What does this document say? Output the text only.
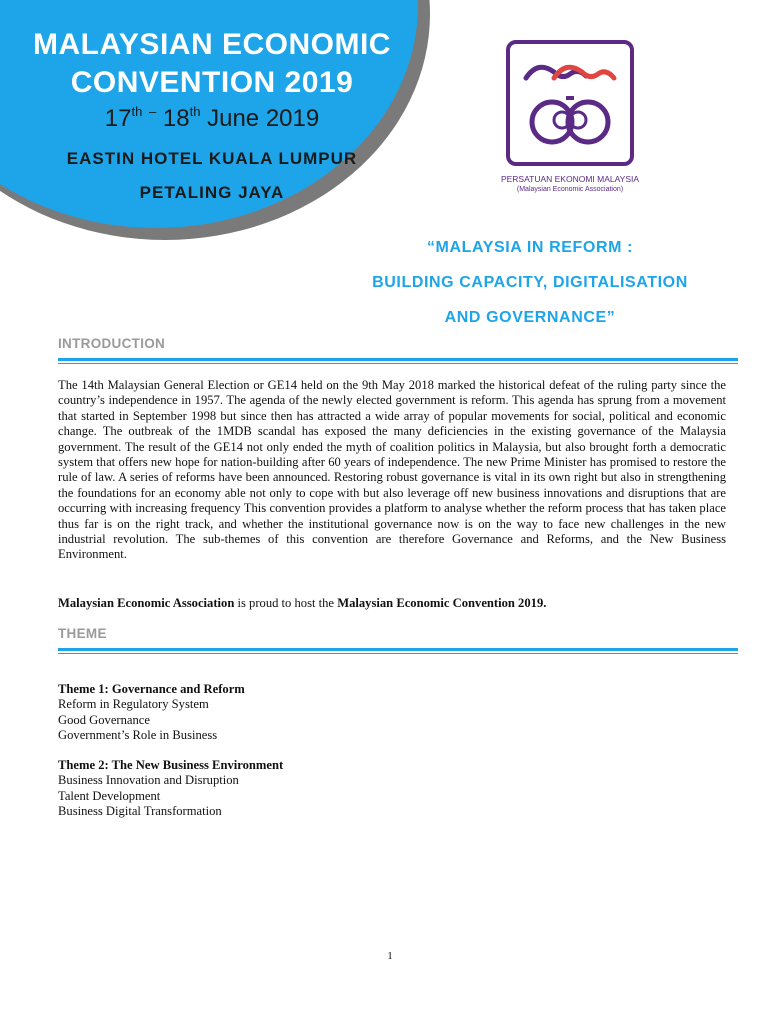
MALAYSIAN ECONOMIC
CONVENTION 2019
17th – 18th June 2019
EASTIN HOTEL KUALA LUMPUR
PETALING JAYA
PERSATUAN EKONOMI MALAYSIA
(Malaysian Economic Association)
“MALAYSIA IN REFORM :
BUILDING CAPACITY, DIGITALISATION
AND GOVERNANCE”
INTRODUCTION
The 14th Malaysian General Election or GE14 held on the 9th May 2018 marked the historical defeat of the ruling party since the country’s independence in 1957. The agenda of the newly elected government is reform. This agenda has sprung from a movement that started in September 1998 but since then has attracted a wide array of popular movements for social, political and economic change. The outbreak of the 1MDB scandal has exposed the many deficiencies in the existing governance of the Malaysia government. The result of the GE14 not only ended the myth of coalition politics in Malaysia, but also brought forth a democratic system that offers new hope for nation-building after 60 years of independence. The new Prime Minister has promised to restore the rule of law. A series of reforms have been announced. Restoring robust governance is vital in its own right but also in strengthening the foundations for an economy able not only to cope with but also leverage off new business innovations and disruptions that are occurring with increasing frequency This convention provides a platform to analyse whether the reform process that has taken place thus far is on the right track, and whether the institutional governance now is on the way to face new challenges in the new industrial revolution. The sub-themes of this convention are therefore Governance and Reforms, and the New Business Environment.
Malaysian Economic Association is proud to host the Malaysian Economic Convention 2019.
THEME
Theme 1: Governance and Reform
Reform in Regulatory System
Good Governance
Government’s Role in Business
Theme 2: The New Business Environment
Business Innovation and Disruption
Talent Development
Business Digital Transformation
1
